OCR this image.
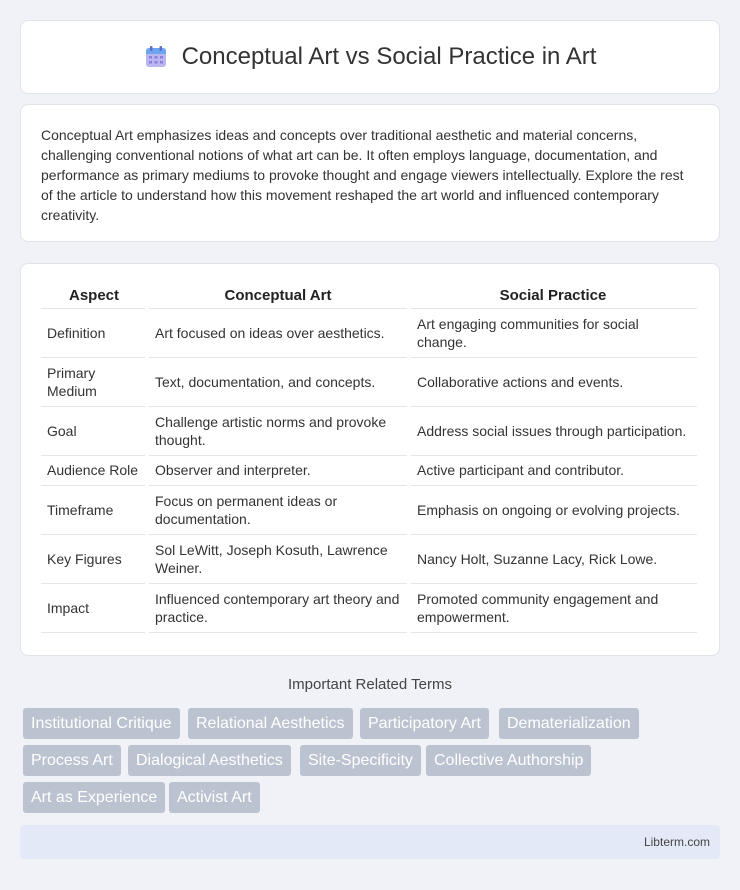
Conceptual Art vs Social Practice in Art

Conceptual Art emphasizes ideas and concepts over traditional aesthetic and material concerns, challenging conventional notions of what art can be. It often employs language, documentation, and performance as primary mediums to provoke thought and engage viewers intellectually. Explore the rest of the article to understand how this movement reshaped the art world and influenced contemporary creativity.

Aspect	Conceptual Art	Social Practice
Definition	Art focused on ideas over aesthetics.	Art engaging communities for social change.
Primary Medium	Text, documentation, and concepts.	Collaborative actions and events.
Goal	Challenge artistic norms and provoke thought.	Address social issues through participation.
Audience Role	Observer and interpreter.	Active participant and contributor.
Timeframe	Focus on permanent ideas or documentation.	Emphasis on ongoing or evolving projects.
Key Figures	Sol LeWitt, Joseph Kosuth, Lawrence Weiner.	Nancy Holt, Suzanne Lacy, Rick Lowe.
Impact	Influenced contemporary art theory and practice.	Promoted community engagement and empowerment.
Important Related Terms
Institutional Critique	Relational Aesthetics	Participatory Art	Dematerialization
Process Art	Dialogical Aesthetics	Site-Specificity	Collective Authorship
Art as Experience	Activist Art
Libterm.com
